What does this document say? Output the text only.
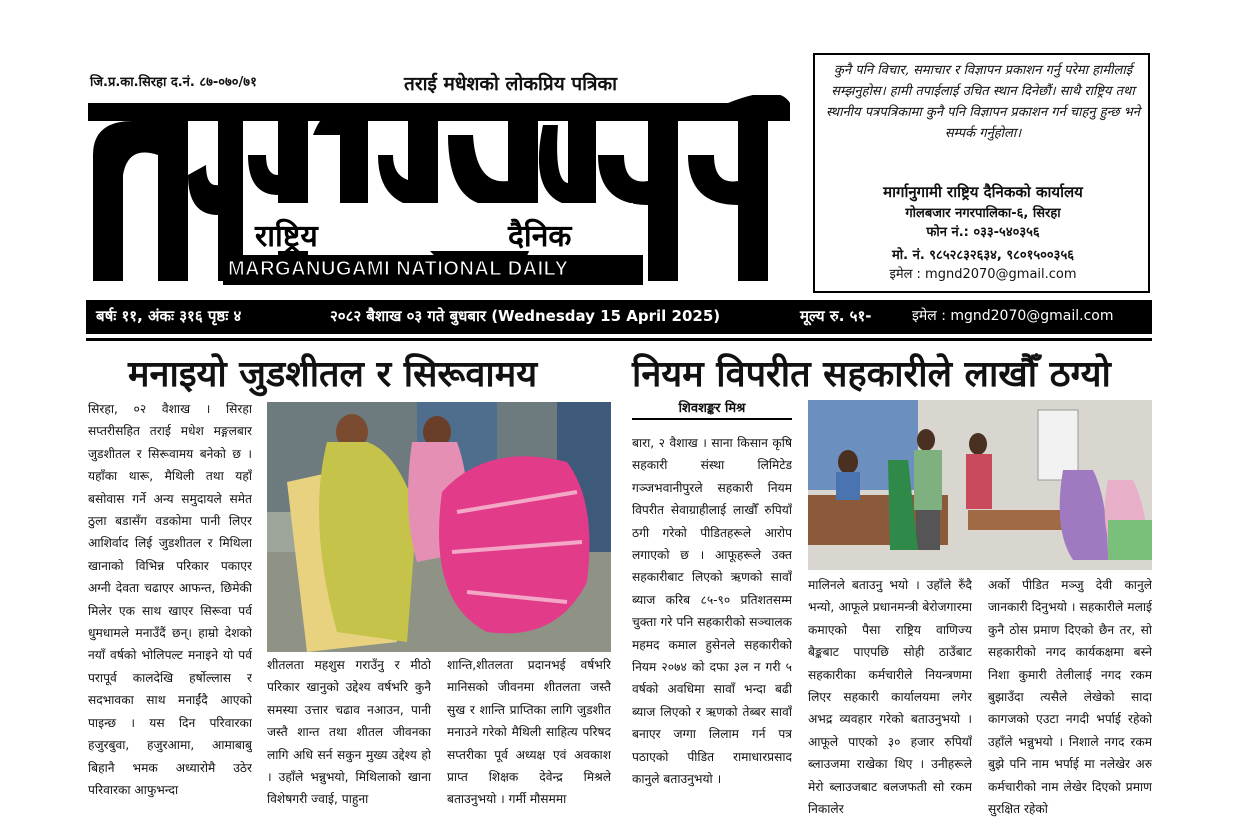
जि.प्र.का.सिरहा द.नं. ८७-०७०/७१	तराई मधेशको लोकप्रिय पत्रिका
राष्ट्रिय	दैनिक
MARGANUGAMI NATIONAL DAILY
कुनै पनि विचार, समाचार र विज्ञापन प्रकाशन गर्नु परेमा हामीलाई सम्झनुहोस। हामी तपाईलाई उचित स्थान दिनेछौं। साथै राष्ट्रिय तथा स्थानीय पत्रपत्रिकामा कुनै पनि विज्ञापन प्रकाशन गर्न चाहनु हुन्छ भने सम्पर्क गर्नुहोला।
मार्गानुगामी राष्ट्रिय दैनिकको कार्यालय
गोलबजार नगरपालिका-६, सिरहा
फोन नं.: ०३३-५४०३५६
मो. नं. ९८५२८३२६३४, ९८०१५००३५६
इमेल : mgnd2070@gmail.com
बर्षः ११, अंकः ३१६ पृष्ठः ४	२०८२ बैशाख ०३ गते बुधबार (Wednesday 15 April 2025)	मूल्य रु. ५१-	इमेल : mgnd2070@gmail.com
मनाइयो जुडशीतल र सिरूवामय
सिरहा, ०२ वैशाख । सिरहा सप्तरीसहित तराई मधेश मङ्गलबार जुडशीतल र सिरूवामय बनेको छ । यहाँका थारू, मैथिली तथा यहाँ बसोवास गर्ने अन्य समुदायले समेत ठुला बडासँग वडकोमा पानी लिएर आशिर्वाद लिई जुडशीतल र मिथिला खानाको विभिन्न परिकार पकाएर अग्नी देवता चढाएर आफन्त, छिमेकी मिलेर एक साथ खाएर सिरूवा पर्व धुमधामले मनाउँदैं छन्। हाम्रो देशको नयाँ वर्षको भोलिपल्ट मनाइने यो पर्व परापूर्व कालदेखि हर्षोल्लास र सदभावका साथ मनाईंदै आएको पाइन्छ । यस दिन परिवारका हजुरबुवा, हजुरआमा, आमाबाबु बिहानै भमक अध्यारोमै उठेर परिवारका आफुभन्दा
शीतलता महशुस गराउँनु र मीठो परिकार खानुको उद्देश्य वर्षभरि कुनै समस्या उत्तार चढाव नआउन, पानी जस्तै शान्त तथा शीतल जीवनका लागि अधि सर्न सकुन मुख्य उद्देश्य हो । उहाँले भन्नुभयो, मिथिलाको खाना विशेषगरी ज्वाई, पाहुना
शान्ति,शीतलता प्रदानभई वर्षभरि मानिसको जीवनमा शीतलता जस्तै सुख र शान्ति प्राप्तिका लागि जुडशीत मनाउने गरेको मैथिली साहित्य परिषद सप्तरीका पूर्व अध्यक्ष एवं अवकाश प्राप्त शिक्षक देवेन्द्र मिश्रले बताउनुभयो । गर्मी मौसममा
नियम विपरीत सहकारीले लाखौँ ठग्यो
शिवशङ्कर मिश्र
बारा, २ वैशाख । साना किसान कृषि सहकारी संस्था लिमिटेड गञ्जभवानीपुरले सहकारी नियम विपरीत सेवाग्राहीलाई लाखौँ रुपियाँ ठगी गरेको पीडितहरूले आरोप लगाएको छ । आफूहरूले उक्त सहकारीबाट लिएको ऋणको सावाँ ब्याज करिब ८५-९० प्रतिशतसम्म चुक्ता गरे पनि सहकारीको सञ्चालक महमद कमाल हुसेनले सहकारीको नियम २०७४ को दफा ३ल न गरी ५ वर्षको अवधिमा सावाँ भन्दा बढी ब्याज लिएको र ऋणको तेब्बर सावाँ बनाएर जग्गा लिलाम गर्न पत्र पठाएको पीडित रामाधारप्रसाद कानुले बताउनुभयो ।
मालिनले बताउनु भयो । उहाँले रुँदै भन्यो, आफूले प्रधानमन्त्री बेरोजगारमा कमाएको पैसा राष्ट्रिय वाणिज्य बैङ्कबाट पाएपछि सोही ठाउँबाट सहकारीका कर्मचारीले नियन्त्रणमा लिएर सहकारी कार्यालयमा लगेर अभद्र व्यवहार गरेको बताउनुभयो । आफूले पाएको ३० हजार रुपियाँ ब्लाउजमा राखेका थिए । उनीहरूले मेरो ब्लाउजबाट बलजफती सो रकम निकालेर
अर्को पीडित मञ्जु देवी कानुले जानकारी दिनुभयो । सहकारीले मलाई कुनै ठोस प्रमाण दिएको छैन तर, सो सहकारीको नगद कार्यकक्षमा बस्ने निशा कुमारी तेलीलाई नगद रकम बुझाउँदा त्यसैले लेखेको सादा कागजको एउटा नगदी भर्पाई रहेको उहाँले भन्नुभयो । निशाले नगद रकम बुझे पनि नाम भर्पाई मा नलेखेर अरु कर्मचारीको नाम लेखेर दिएको प्रमाण सुरक्षित रहेको
